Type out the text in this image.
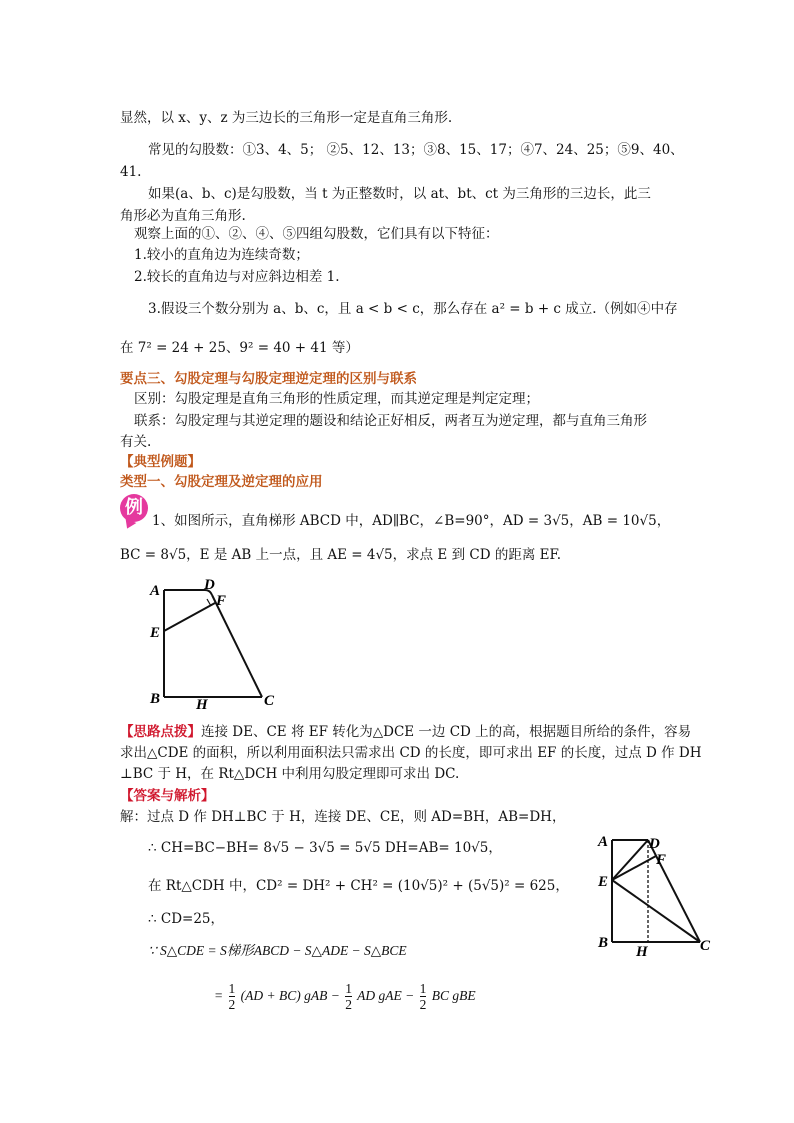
显然，以 x、y、z 为三边长的三角形一定是直角三角形.
常见的勾股数：①3、4、5； ②5、12、13；③8、15、17；④7、24、25；⑤9、40、
41.
如果(a、b、c)是勾股数，当 t 为正整数时，以 at、bt、ct 为三角形的三边长，此三
角形必为直角三角形.
观察上面的①、②、④、⑤四组勾股数，它们具有以下特征：
1.较小的直角边为连续奇数；
2.较长的直角边与对应斜边相差 1.
3.假设三个数分别为 a、b、c，且 a < b < c，那么存在 a² = b + c 成立.（例如④中存
在 7² = 24 + 25、9² = 40 + 41 等）
要点三、勾股定理与勾股定理逆定理的区别与联系
区别：勾股定理是直角三角形的性质定理，而其逆定理是判定定理；
联系：勾股定理与其逆定理的题设和结论正好相反，两者互为逆定理，都与直角三角形
有关.
【典型例题】
类型一、勾股定理及逆定理的应用
例
1、如图所示，直角梯形 ABCD 中，AD∥BC，∠B=90°，AD = 3√5，AB = 10√5，
BC = 8√5，E 是 AB 上一点，且 AE = 4√5，求点 E 到 CD 的距离 EF.
A	D
F
E
B H	C
【思路点拨】连接 DE、CE 将 EF 转化为△DCE 一边 CD 上的高，根据题目所给的条件，容易
求出△CDE 的面积，所以利用面积法只需求出 CD 的长度，即可求出 EF 的长度，过点 D 作 DH
⊥BC 于 H，在 Rt△DCH 中利用勾股定理即可求出 DC.
【答案与解析】
解：过点 D 作 DH⊥BC 于 H，连接 DE、CE，则 AD=BH，AB=DH，
∴ CH=BC−BH= 8√5 − 3√5 = 5√5 DH=AB= 10√5，
在 Rt△CDH 中，CD² = DH² + CH² = (10√5)² + (5√5)² = 625，
∴ CD=25，
∵ S△CDE = S梯形ABCD − S△ADE − S△BCE
= $\frac{1}{2} (AD + BC)$ gAB − $\frac{1}{2}$ AD gAE − $\frac{1}{2}$ BC gBE
A	D
F
E
B
H	C
